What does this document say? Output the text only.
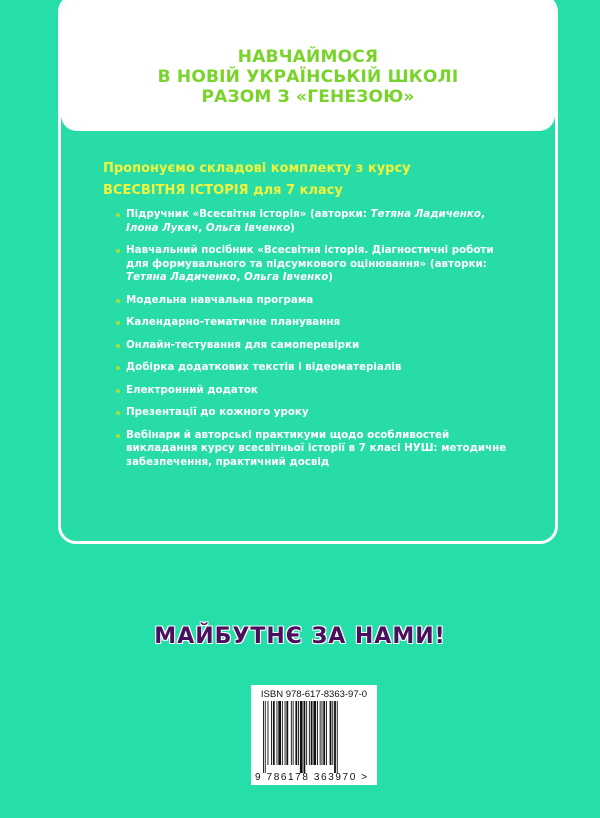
НАВЧАЙМОСЯ
В НОВІЙ УКРАЇНСЬКІЙ ШКОЛІ
РАЗОМ З «ГЕНЕЗОЮ»
Пропонуємо складові комплекту з курсу
ВСЕСВІТНЯ ІСТОРІЯ для 7 класу
Підручник «Всесвітня історія» (авторки: Тетяна Ладиченко, Ілона Лукач, Ольга Івченко)
Навчальний посібник «Всесвітня історія. Діагностичні роботи для формувального та підсумкового оцінювання» (авторки: Тетяна Ладиченко, Ольга Івченко)
Модельна навчальна програма
Календарно-тематичне планування
Онлайн-тестування для самоперевірки
Добірка додаткових текстів і відеоматеріалів
Електронний додаток
Презентації до кожного уроку
Вебінари й авторські практикуми щодо особливостей викладання курсу всесвітньої історії в 7 класі НУШ: методичне забезпечення, практичний досвід
МАЙБУТНЄ ЗА НАМИ!
ISBN 978-617-8363-97-0
9 786178 363970 >
